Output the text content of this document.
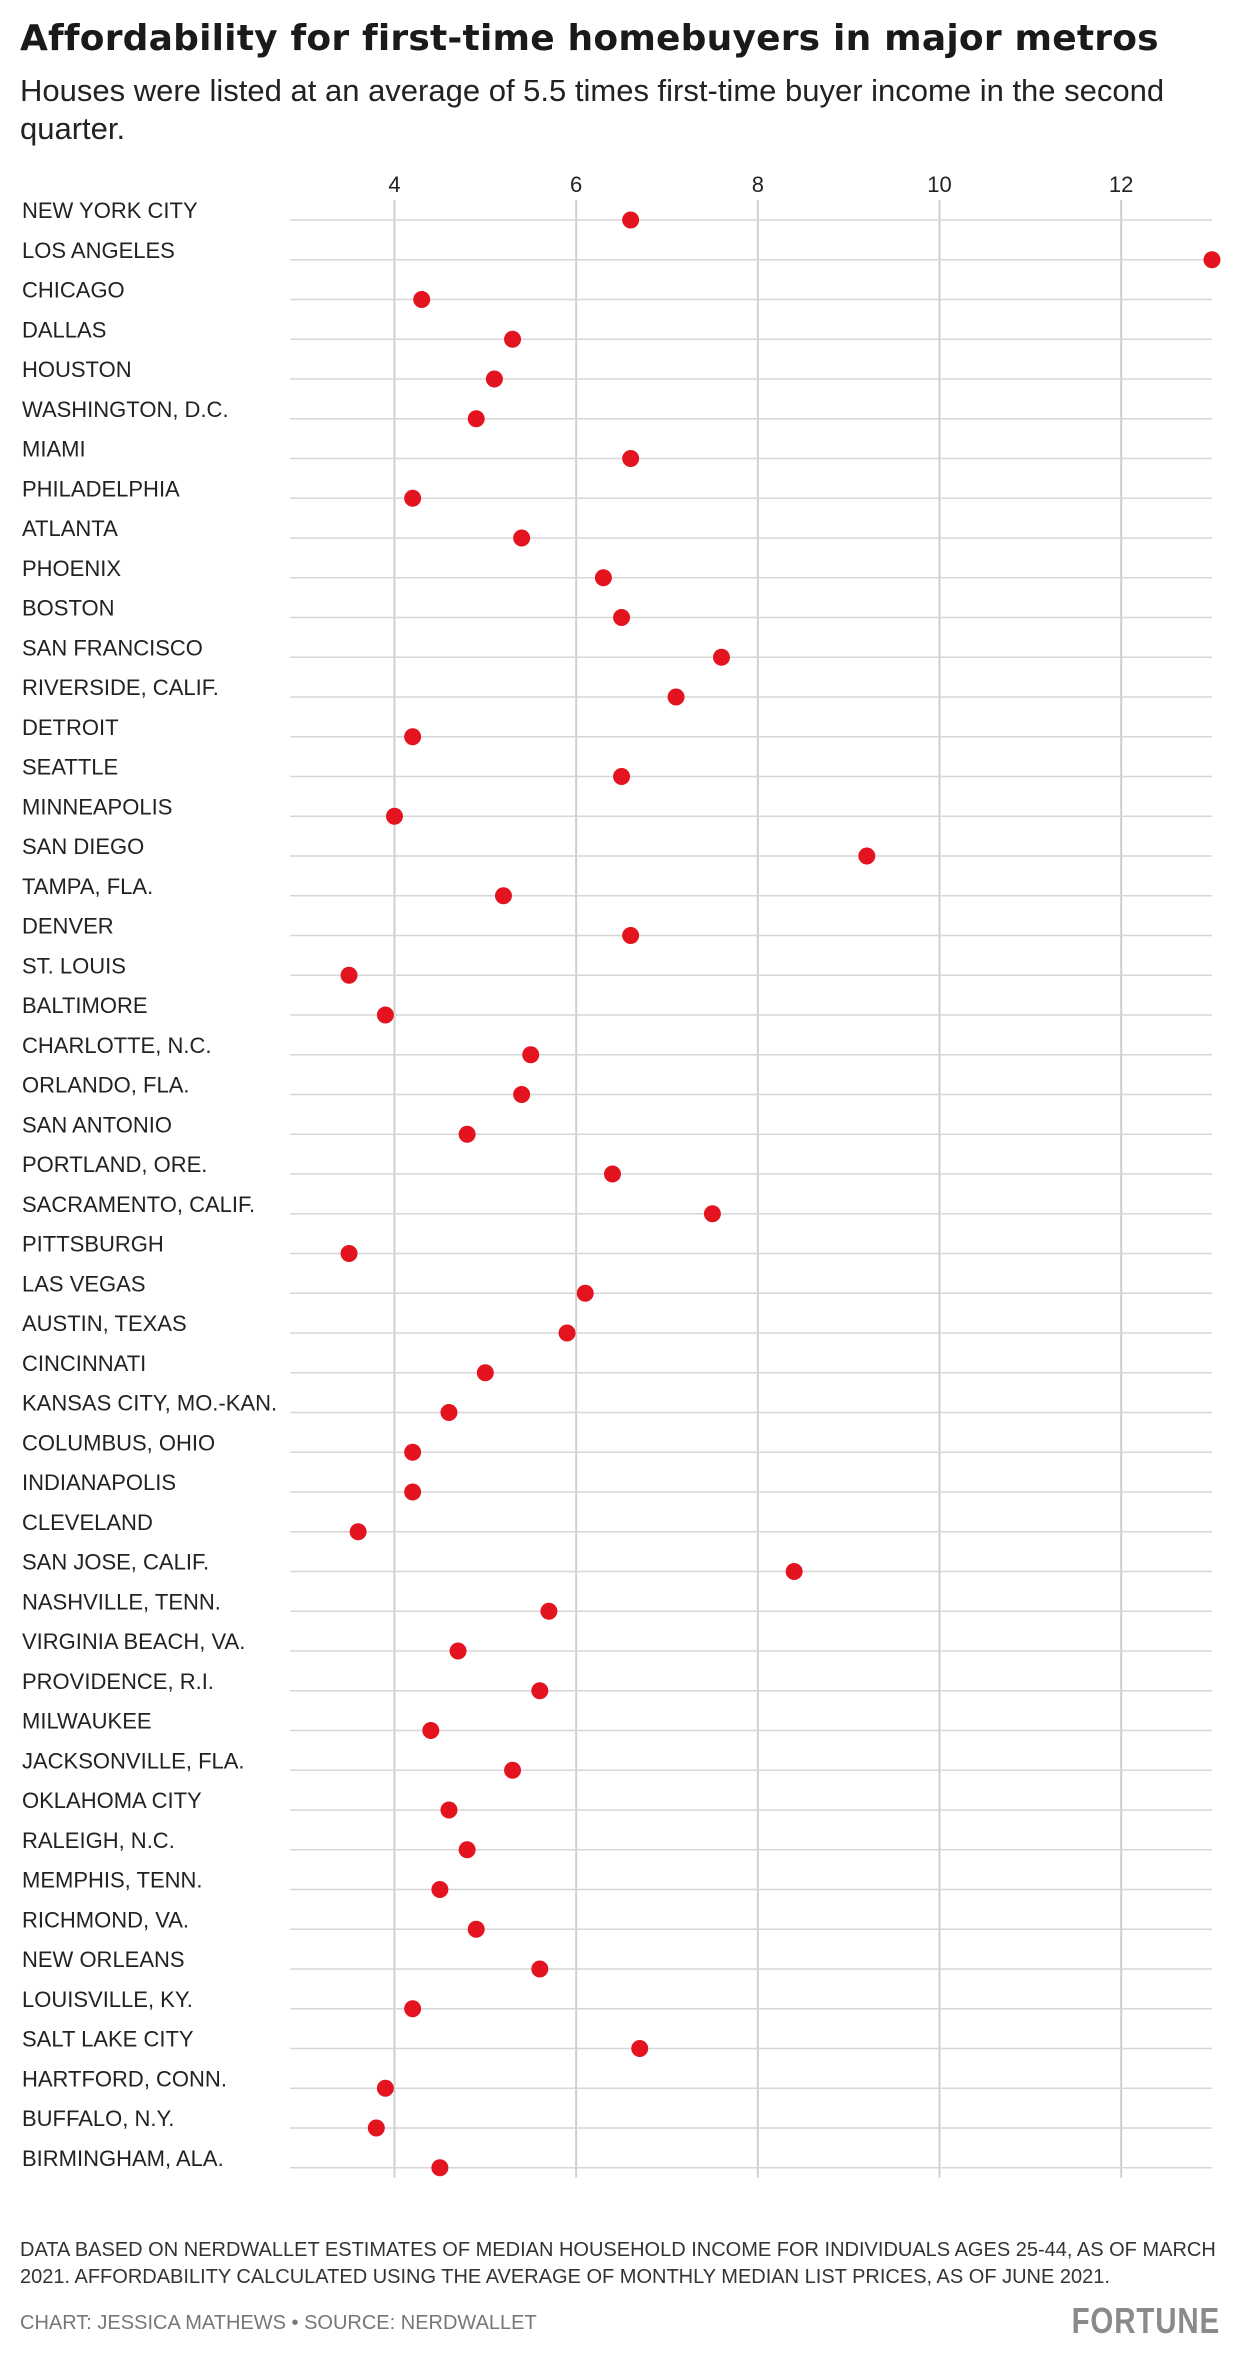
Affordability for first-time homebuyers in major metros
Houses were listed at an average of 5.5 times first-time buyer income in the second quarter.
4	6	8	10	12
NEW YORK CITY
LOS ANGELES
CHICAGO
DALLAS
HOUSTON
WASHINGTON, D.C.
MIAMI
PHILADELPHIA
ATLANTA
PHOENIX
BOSTON
SAN FRANCISCO
RIVERSIDE, CALIF.
DETROIT
SEATTLE
MINNEAPOLIS
SAN DIEGO
TAMPA, FLA.
DENVER
ST. LOUIS
BALTIMORE
CHARLOTTE, N.C.
ORLANDO, FLA.
SAN ANTONIO
PORTLAND, ORE.
SACRAMENTO, CALIF.
PITTSBURGH
LAS VEGAS
AUSTIN, TEXAS
CINCINNATI
KANSAS CITY, MO.-KAN.
COLUMBUS, OHIO
INDIANAPOLIS
CLEVELAND
SAN JOSE, CALIF.
NASHVILLE, TENN.
VIRGINIA BEACH, VA.
PROVIDENCE, R.I.
MILWAUKEE
JACKSONVILLE, FLA.
OKLAHOMA CITY
RALEIGH, N.C.
MEMPHIS, TENN.
RICHMOND, VA.
NEW ORLEANS
LOUISVILLE, KY.
SALT LAKE CITY
HARTFORD, CONN.
BUFFALO, N.Y.
BIRMINGHAM, ALA.
DATA BASED ON NERDWALLET ESTIMATES OF MEDIAN HOUSEHOLD INCOME FOR INDIVIDUALS AGES 25-44, AS OF MARCH 2021. AFFORDABILITY CALCULATED USING THE AVERAGE OF MONTHLY MEDIAN LIST PRICES, AS OF JUNE 2021.
CHART: JESSICA MATHEWS • SOURCE: NERDWALLET	FORTUNE
